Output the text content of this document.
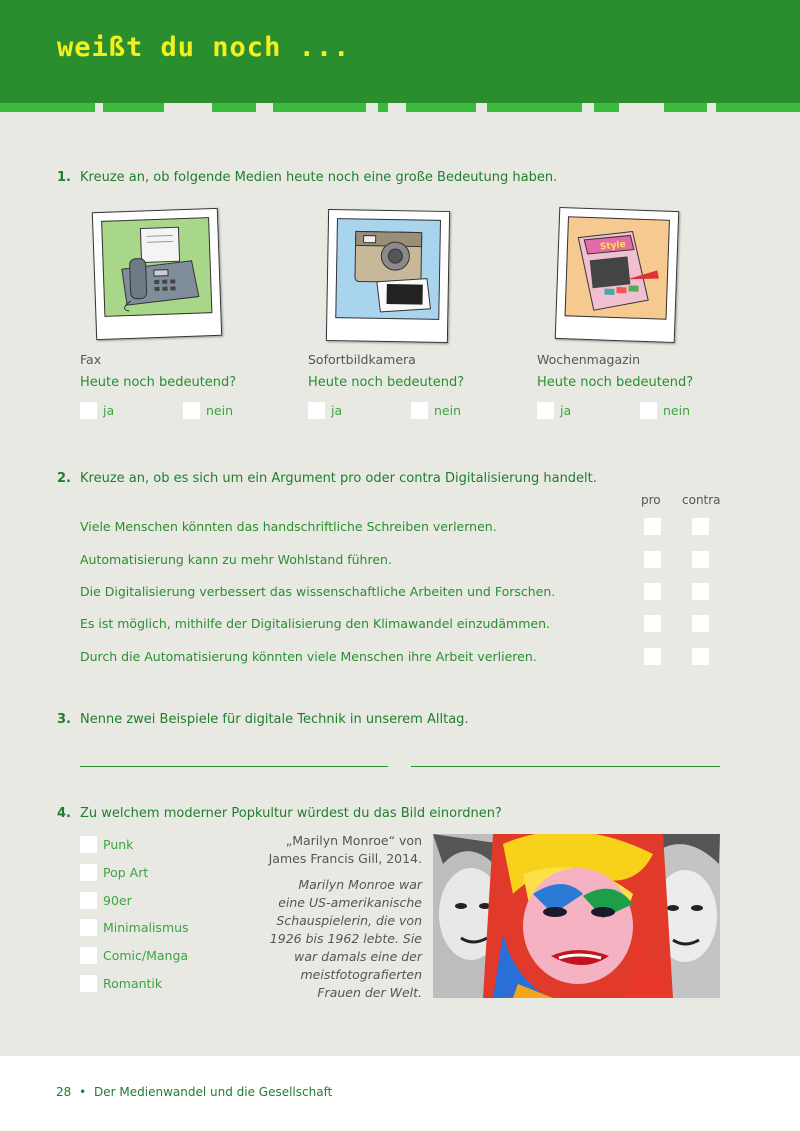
weißt du noch ...
1. Kreuze an, ob folgende Medien heute noch eine große Bedeutung haben.
Style
Fax
Heute noch bedeutend?
ja	nein
Sofortbildkamera
Heute noch bedeutend?
ja	nein
Wochenmagazin
Heute noch bedeutend?
ja	nein
2. Kreuze an, ob es sich um ein Argument pro oder contra Digitalisierung handelt.
pro contra
Viele Menschen könnten das handschriftliche Schreiben verlernen.
Automatisierung kann zu mehr Wohlstand führen.
Die Digitalisierung verbessert das wissenschaftliche Arbeiten und Forschen.
Es ist möglich, mithilfe der Digitalisierung den Klimawandel einzudämmen.
Durch die Automatisierung könnten viele Menschen ihre Arbeit verlieren.
3. Nenne zwei Beispiele für digitale Technik in unserem Alltag.
4. Zu welchem moderner Popkultur würdest du das Bild einordnen?
Punk
Pop Art
90er
Minimalismus
Comic/Manga
Romantik
„Marilyn Monroe“ von
James Francis Gill, 2014.
Marilyn Monroe war
eine US-amerikanische
Schauspielerin, die von
1926 bis 1962 lebte. Sie
war damals eine der
meistfotografierten
Frauen der Welt.
28 • Der Medienwandel und die Gesellschaft
